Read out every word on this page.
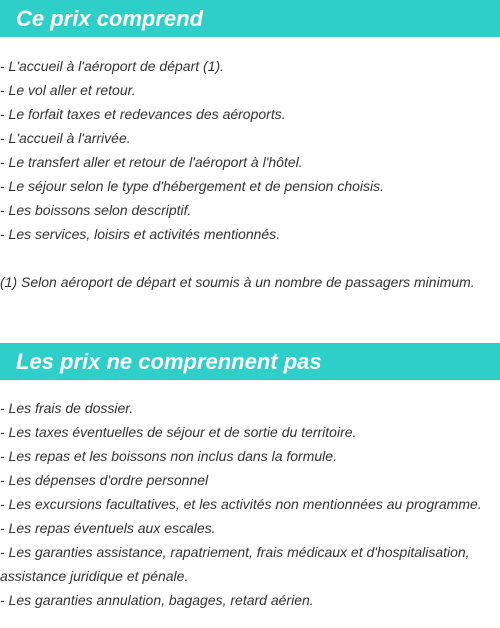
Ce prix comprend
- L'accueil à l'aéroport de départ (1).
- Le vol aller et retour.
- Le forfait taxes et redevances des aéroports.
- L'accueil à l'arrivée.
- Le transfert aller et retour de l'aéroport à l'hôtel.
- Le séjour selon le type d'hébergement et de pension choisis.
- Les boissons selon descriptif.
- Les services, loisirs et activités mentionnés.

(1) Selon aéroport de départ et soumis à un nombre de passagers minimum.

Les prix ne comprennent pas
- Les frais de dossier.
- Les taxes éventuelles de séjour et de sortie du territoire.
- Les repas et les boissons non inclus dans la formule.
- Les dépenses d'ordre personnel
- Les excursions facultatives, et les activités non mentionnées au programme.
- Les repas éventuels aux escales.
- Les garanties assistance, rapatriement, frais médicaux et d'hospitalisation, assistance juridique et pénale.
- Les garanties annulation, bagages, retard aérien.
